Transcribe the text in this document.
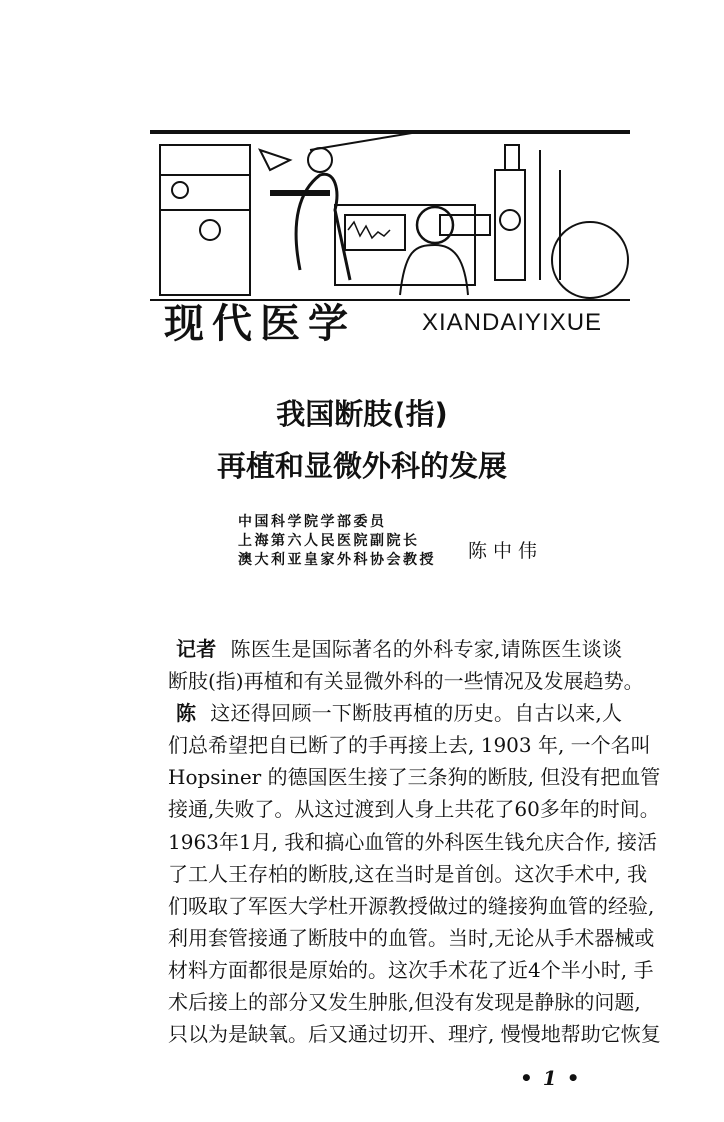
现代医学	XIANDAIYIXUE
我国断肢(指)
再植和显微外科的发展
中国科学院学部委员
上海第六人民医院副院长
澳大利亚皇家外科协会教授 陈中伟
记者 陈医生是国际著名的外科专家,请陈医生谈谈
断肢(指)再植和有关显微外科的一些情况及发展趋势。
陈 这还得回顾一下断肢再植的历史。自古以来,人
们总希望把自已断了的手再接上去, 1903 年, 一个名叫
Hopsiner 的德国医生接了三条狗的断肢, 但没有把血管
接通,失败了。从这过渡到人身上共花了60多年的时间。
1963年1月, 我和搞心血管的外科医生钱允庆合作, 接活
了工人王存柏的断肢,这在当时是首创。这次手术中, 我
们吸取了军医大学杜开源教授做过的缝接狗血管的经验,
利用套管接通了断肢中的血管。当时,无论从手术器械或
材料方面都很是原始的。这次手术花了近4个半小时, 手
术后接上的部分又发生肿胀,但没有发现是静脉的问题,
只以为是缺氧。后又通过切开、理疗, 慢慢地帮助它恢复
•1•
